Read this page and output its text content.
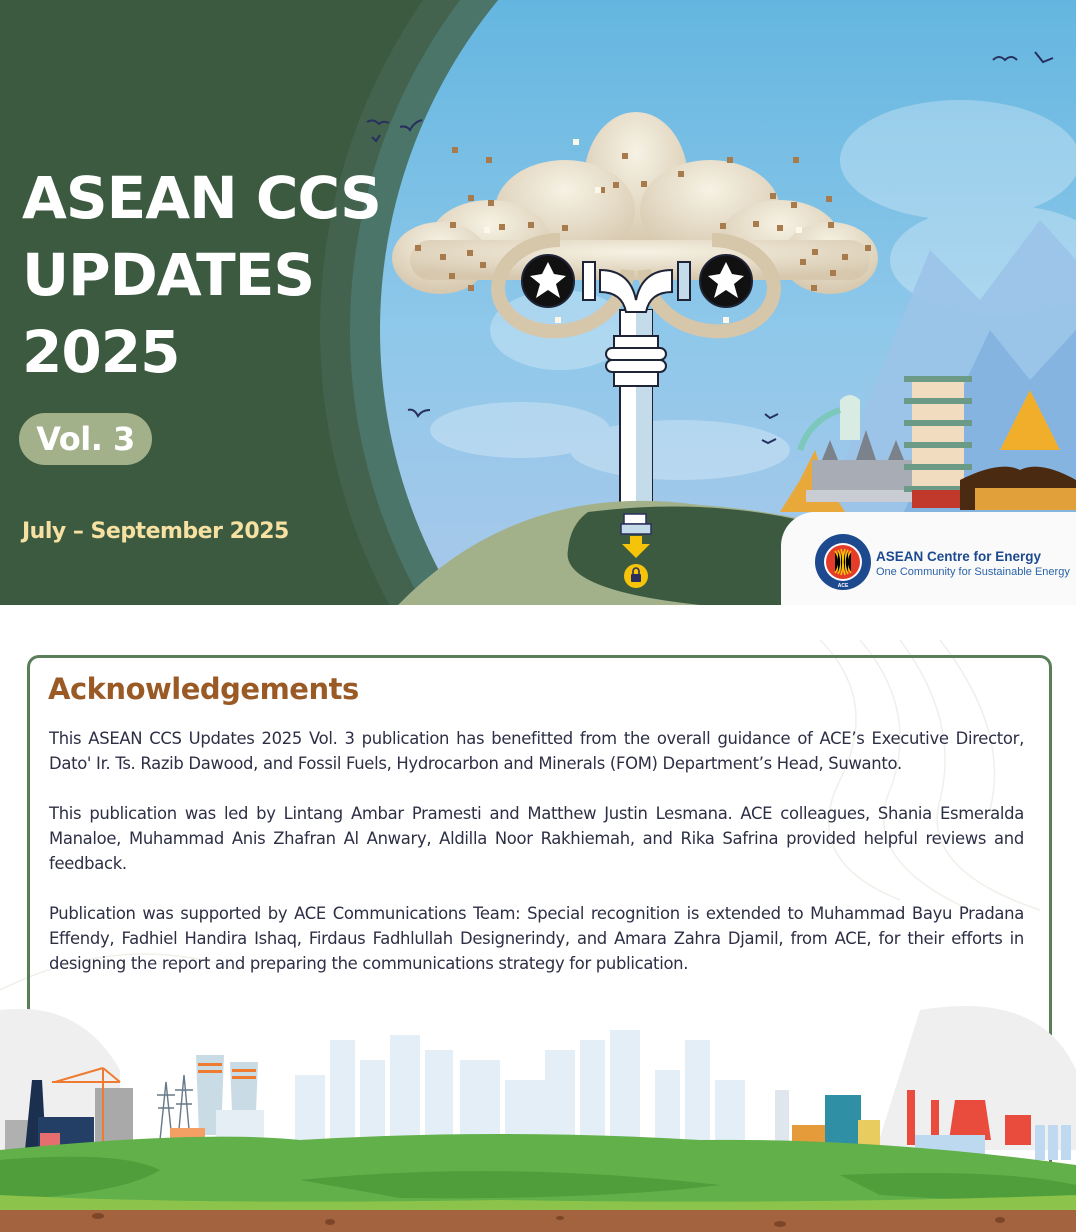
ASEAN CCS
UPDATES
2025
Vol. 3
July – September 2025
ACE
ASEAN Centre for Energy
One Community for Sustainable Energy
Acknowledgements

This ASEAN CCS Updates 2025 Vol. 3 publication has benefitted from the overall guidance of ACE’s Executive Director, Dato' Ir. Ts. Razib Dawood, and Fossil Fuels, Hydrocarbon and Minerals (FOM) Department’s Head, Suwanto.

This publication was led by Lintang Ambar Pramesti and Matthew Justin Lesmana. ACE colleagues, Shania Esmeralda Manaloe, Muhammad Anis Zhafran Al Anwary, Aldilla Noor Rakhiemah, and Rika Safrina provided helpful reviews and feedback.

Publication was supported by ACE Communications Team: Special recognition is extended to Muhammad Bayu Pradana Effendy, Fadhiel Handira Ishaq, Firdaus Fadhlullah Designerindy, and Amara Zahra Djamil, from ACE, for their efforts in designing the report and preparing the communications strategy for publication.
